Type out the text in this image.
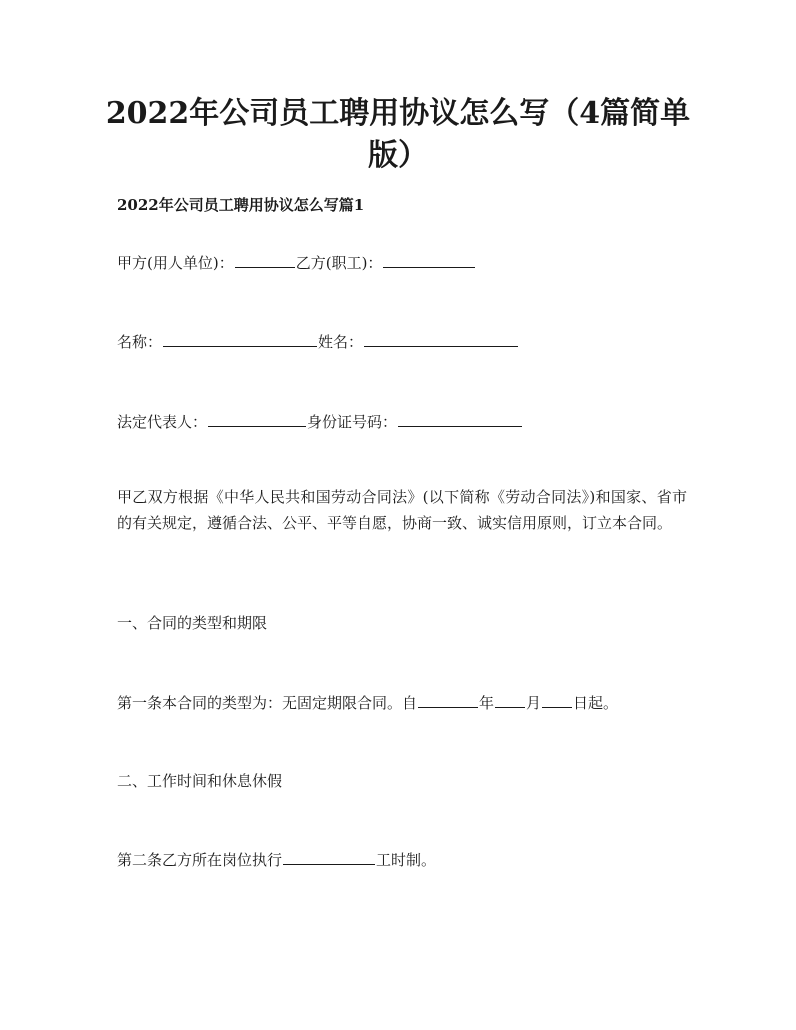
2022年公司员工聘用协议怎么写（4篇简单
版）

2022年公司员工聘用协议怎么写篇1

甲方(用人单位)：	乙方(职工)：

名称：	姓名：

法定代表人：	身份证号码：

甲乙双方根据《中华人民共和国劳动合同法》(以下简称《劳动合同法》)和国家、省市的有关规定，遵循合法、公平、平等自愿，协商一致、诚实信用原则，订立本合同。

一、合同的类型和期限

第一条本合同的类型为：无固定期限合同。自	年 月 日起。

二、工作时间和休息休假

第二条乙方所在岗位执行	工时制。
